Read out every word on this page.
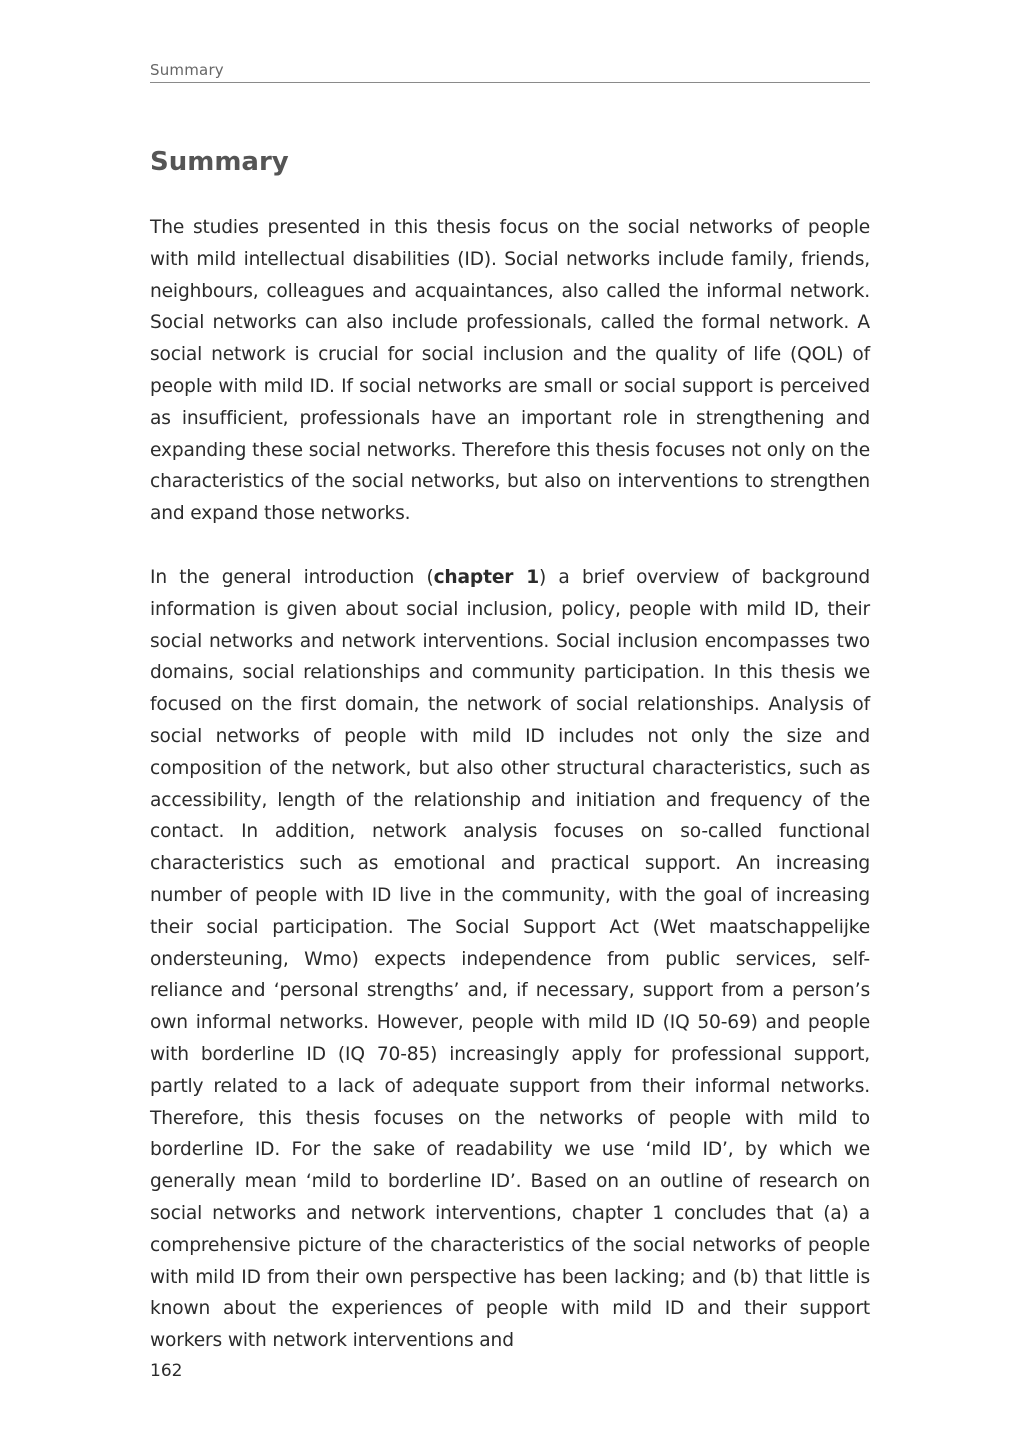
Summary
Summary

The studies presented in this thesis focus on the social networks of people with mild intellectual disabilities (ID). Social networks include family, friends, neighbours, colleagues and acquaintances, also called the informal network. Social networks can also include professionals, called the formal network. A social network is crucial for social inclusion and the quality of life (QOL) of people with mild ID. If social networks are small or social support is perceived as insufficient, professionals have an important role in strengthening and expanding these social networks. Therefore this thesis focuses not only on the characteristics of the social networks, but also on interventions to strengthen and expand those networks.

In the general introduction (chapter 1) a brief overview of background information is given about social inclusion, policy, people with mild ID, their social networks and network interventions. Social inclusion encompasses two domains, social relationships and community participation. In this thesis we focused on the first domain, the network of social relationships. Analysis of social networks of people with mild ID includes not only the size and composition of the network, but also other structural characteristics, such as accessibility, length of the relationship and initiation and frequency of the contact. In addition, network analysis focuses on so-called functional characteristics such as emotional and practical support. An increasing number of people with ID live in the community, with the goal of increasing their social participation. The Social Support Act (Wet maatschappelijke ondersteuning, Wmo) expects independence from public services, self-reliance and ‘personal strengths’ and, if necessary, support from a person’s own informal networks. However, people with mild ID (IQ 50-69) and people with borderline ID (IQ 70-85) increasingly apply for professional support, partly related to a lack of adequate support from their informal networks. Therefore, this thesis focuses on the networks of people with mild to borderline ID. For the sake of readability we use ‘mild ID’, by which we generally mean ‘mild to borderline ID’. Based on an outline of research on social networks and network interventions, chapter 1 concludes that (a) a comprehensive picture of the characteristics of the social networks of people with mild ID from their own perspective has been lacking; and (b) that little is known about the experiences of people with mild ID and their support workers with network interventions and

162
